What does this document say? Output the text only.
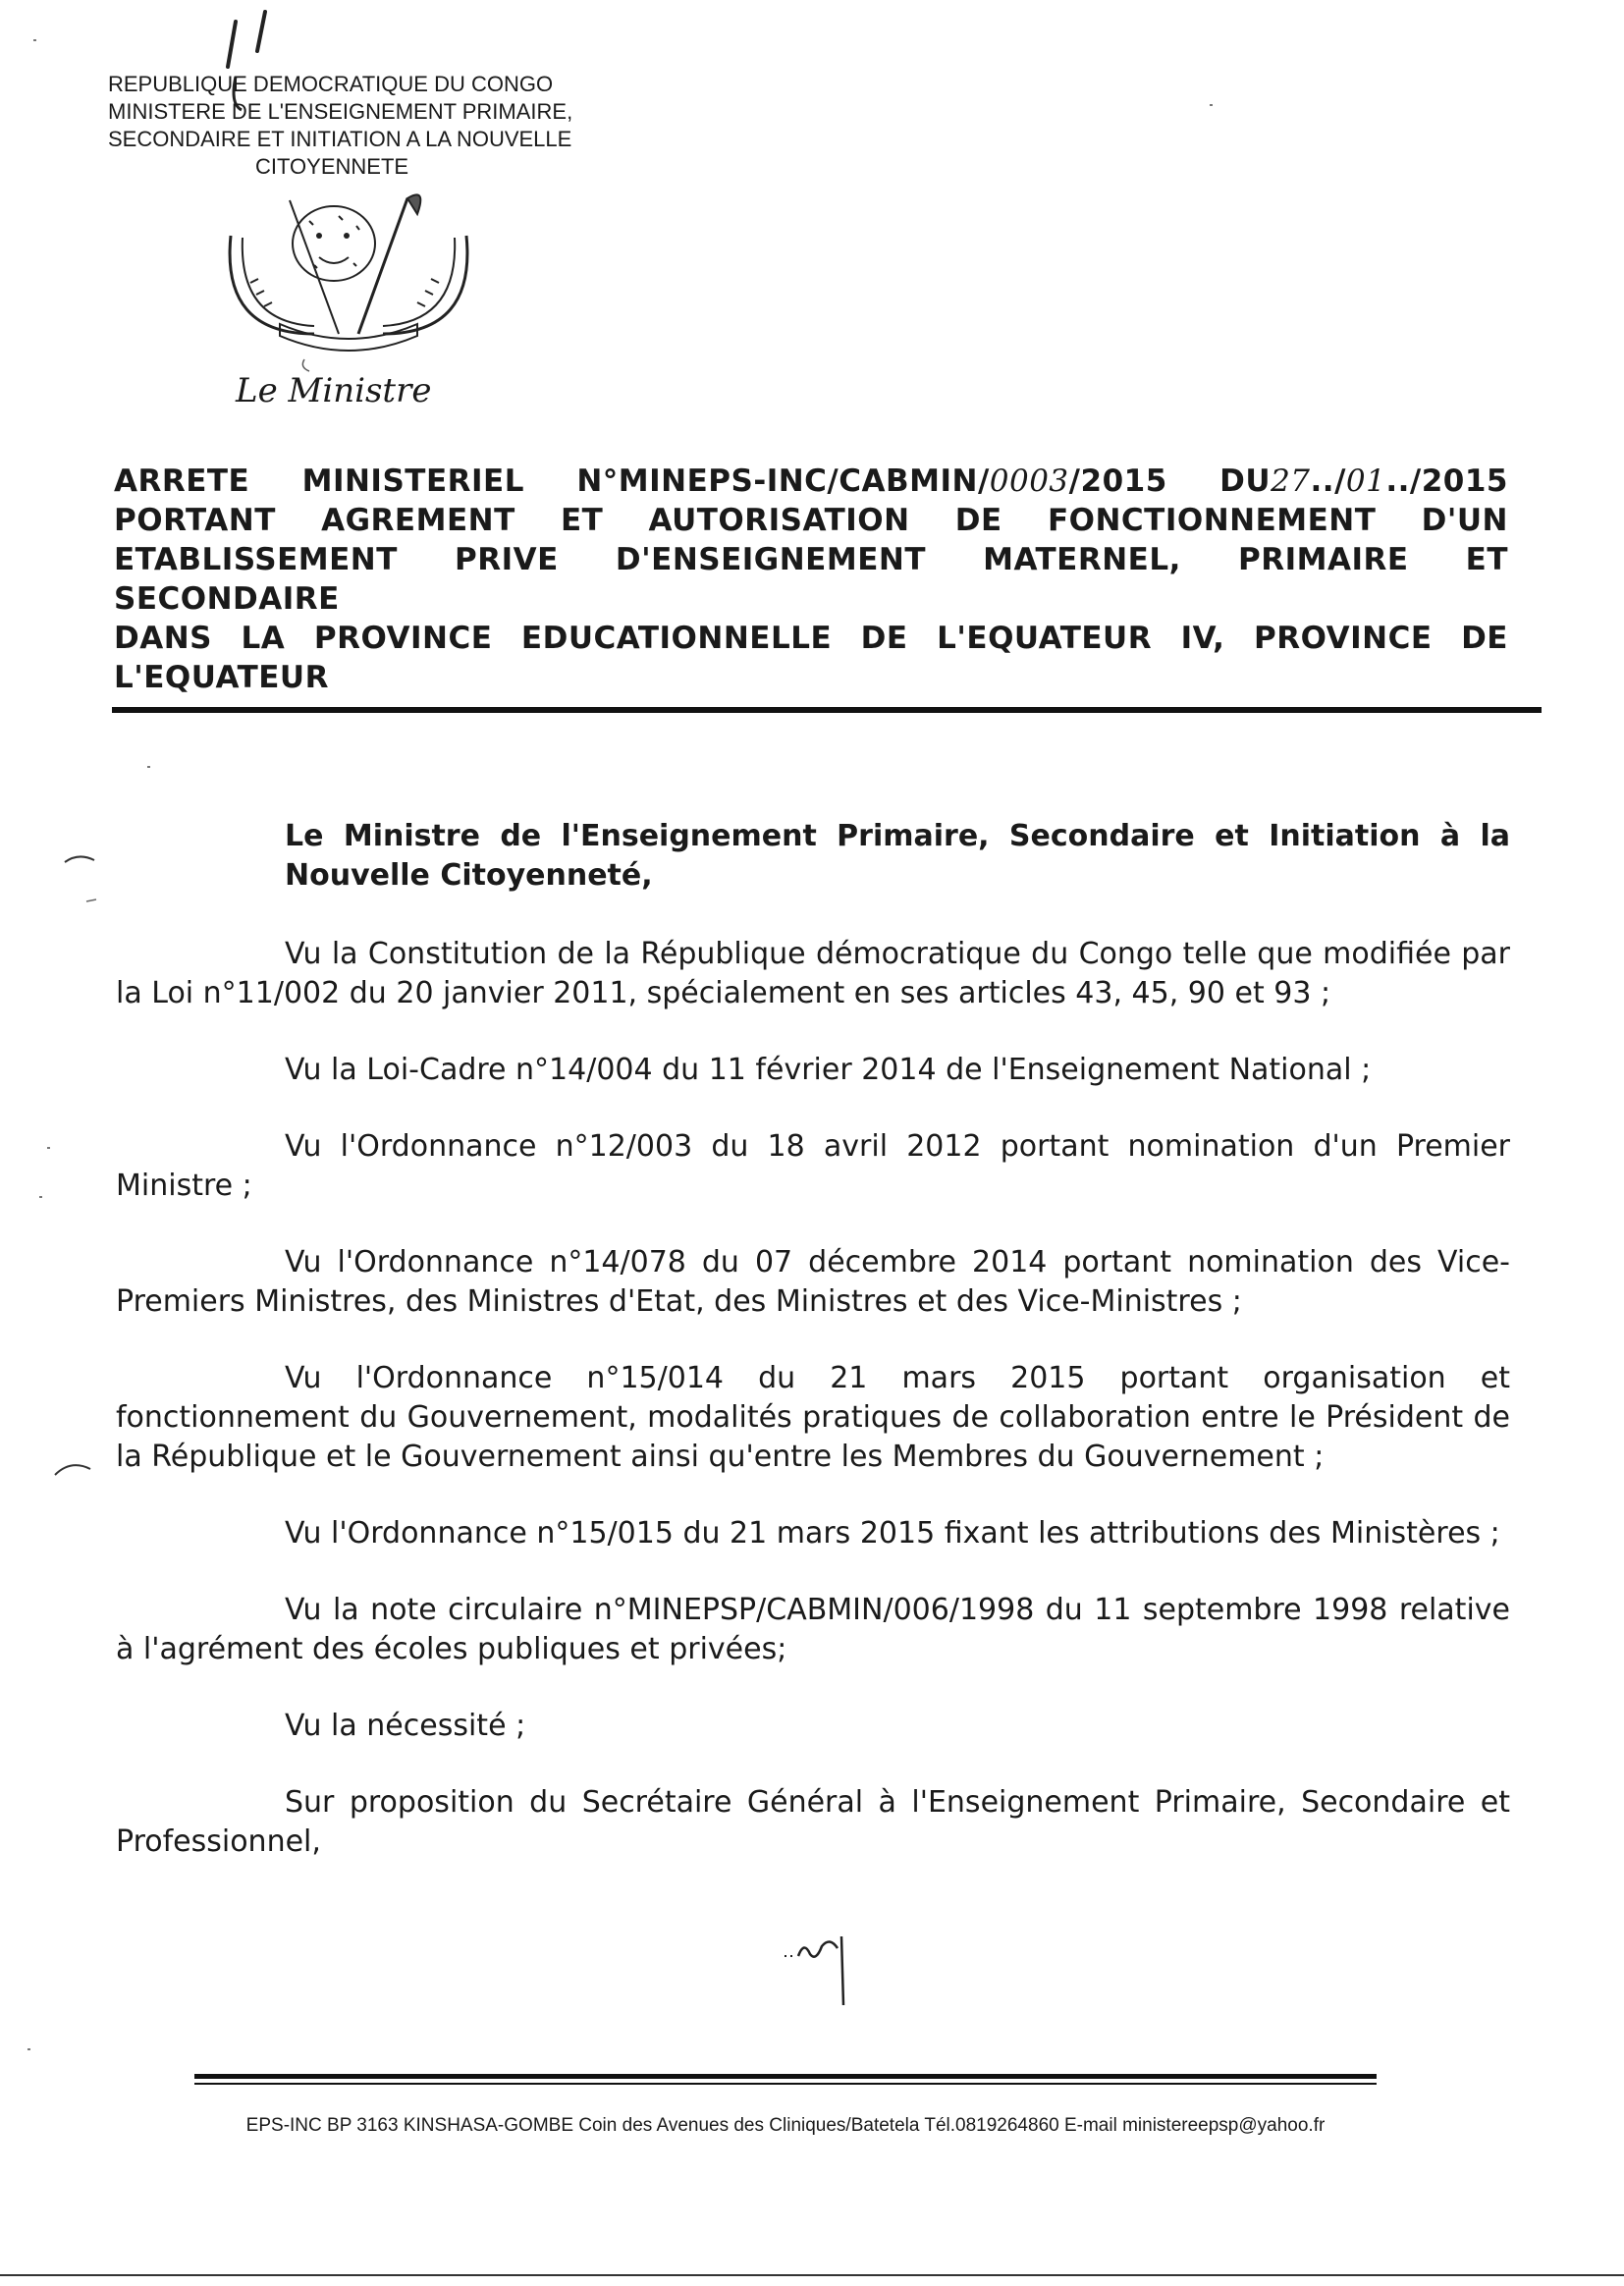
REPUBLIQUE DEMOCRATIQUE DU CONGO
MINISTERE DE L'ENSEIGNEMENT PRIMAIRE,
SECONDAIRE ET INITIATION A LA NOUVELLE
CITOYENNETE
Le Ministre
ARRETE MINISTERIEL N°MINEPS-INC/CABMIN/0003/2015 DU27../01../2015
PORTANT AGREMENT ET AUTORISATION DE FONCTIONNEMENT D'UN
ETABLISSEMENT PRIVE D'ENSEIGNEMENT MATERNEL, PRIMAIRE ET SECONDAIRE
DANS LA PROVINCE EDUCATIONNELLE DE L'EQUATEUR IV, PROVINCE DE
L'EQUATEUR

Le Ministre de l'Enseignement Primaire, Secondaire et Initiation à la Nouvelle Citoyenneté,

Vu la Constitution de la République démocratique du Congo telle que modifiée par la Loi n°11/002 du 20 janvier 2011, spécialement en ses articles 43, 45, 90 et 93 ;

Vu la Loi-Cadre n°14/004 du 11 février 2014 de l'Enseignement National ;

Vu l'Ordonnance n°12/003 du 18 avril 2012 portant nomination d'un Premier Ministre ;

Vu l'Ordonnance n°14/078 du 07 décembre 2014 portant nomination des Vice-Premiers Ministres, des Ministres d'Etat, des Ministres et des Vice-Ministres ;

Vu l'Ordonnance n°15/014 du 21 mars 2015 portant organisation et fonctionnement du Gouvernement, modalités pratiques de collaboration entre le Président de la République et le Gouvernement ainsi qu'entre les Membres du Gouvernement ;

Vu l'Ordonnance n°15/015 du 21 mars 2015 fixant les attributions des Ministères ;

Vu la note circulaire n°MINEPSP/CABMIN/006/1998 du 11 septembre 1998 relative à l'agrément des écoles publiques et privées;

Vu la nécessité ;

Sur proposition du Secrétaire Général à l'Enseignement Primaire, Secondaire et Professionnel,

EPS-INC BP 3163 KINSHASA-GOMBE Coin des Avenues des Cliniques/Batetela Tél.0819264860 E-mail ministereepsp@yahoo.fr
